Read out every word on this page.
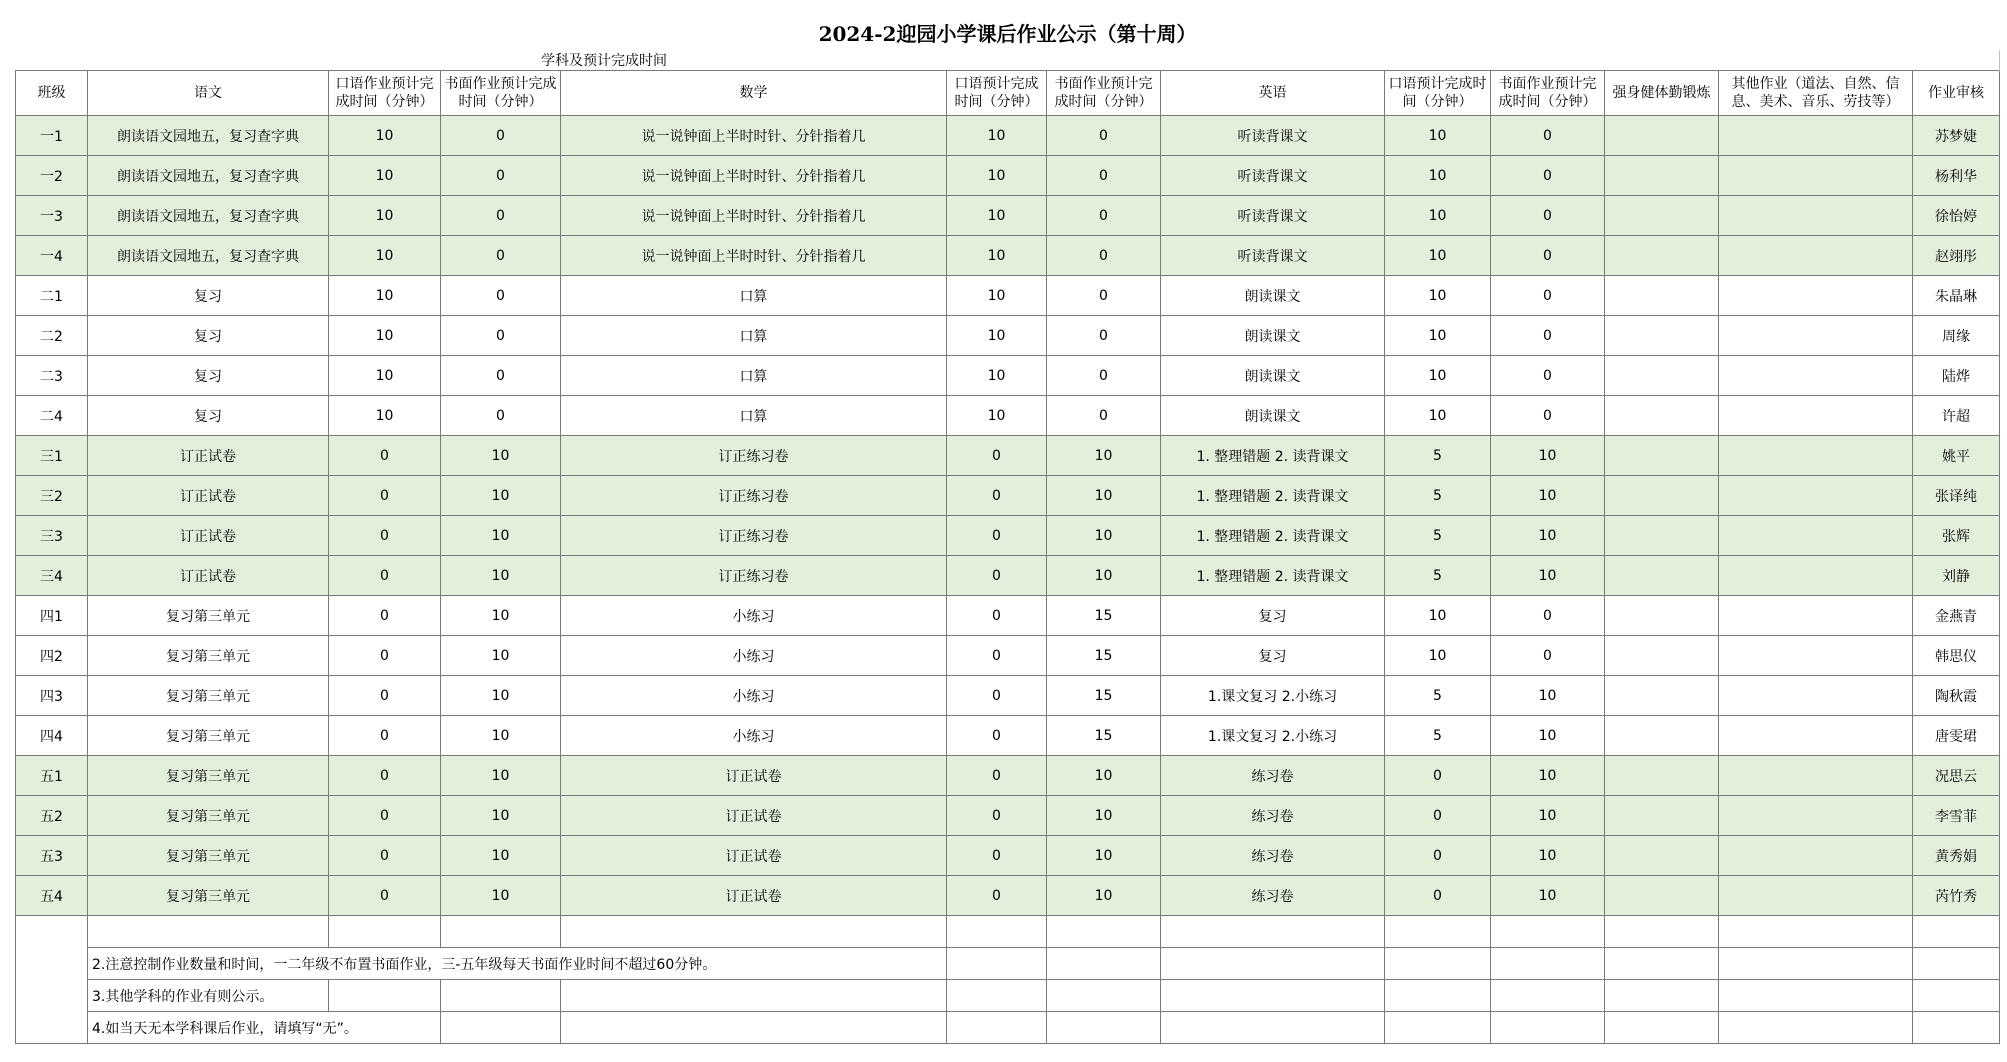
2024-2迎园小学课后作业公示（第十周）												
学科及预计完成时间												
班级	语文	口语作业预计完成时间（分钟）	书面作业预计完成时间（分钟）	数学	口语预计完成时间（分钟）	书面作业预计完成时间（分钟）	英语	口语预计完成时间（分钟）	书面作业预计完成时间（分钟）	强身健体勤锻炼	其他作业（道法、自然、信息、美术、音乐、劳技等）	作业审核
一1	朗读语文园地五，复习查字典	10	0	说一说钟面上半时时针、分针指着几	10	0	听读背课文	10	0			苏梦婕
一2	朗读语文园地五，复习查字典	10	0	说一说钟面上半时时针、分针指着几	10	0	听读背课文	10	0			杨利华
一3	朗读语文园地五，复习查字典	10	0	说一说钟面上半时时针、分针指着几	10	0	听读背课文	10	0			徐怡婷
一4	朗读语文园地五，复习查字典	10	0	说一说钟面上半时时针、分针指着几	10	0	听读背课文	10	0			赵翊彤
二1	复习	10	0	口算	10	0	朗读课文	10	0			朱晶琳
二2	复习	10	0	口算	10	0	朗读课文	10	0			周缘
二3	复习	10	0	口算	10	0	朗读课文	10	0			陆烨
二4	复习	10	0	口算	10	0	朗读课文	10	0			许超
三1	订正试卷	0	10	订正练习卷	0	10	1. 整理错题 2. 读背课文	5	10			姚平
三2	订正试卷	0	10	订正练习卷	0	10	1. 整理错题 2. 读背课文	5	10			张译纯
三3	订正试卷	0	10	订正练习卷	0	10	1. 整理错题 2. 读背课文	5	10			张辉
三4	订正试卷	0	10	订正练习卷	0	10	1. 整理错题 2. 读背课文	5	10			刘静
四1	复习第三单元	0	10	小练习	0	15	复习	10	0			金燕青
四2	复习第三单元	0	10	小练习	0	15	复习	10	0			韩思仪
四3	复习第三单元	0	10	小练习	0	15	1.课文复习 2.小练习	5	10			陶秋霞
四4	复习第三单元	0	10	小练习	0	15	1.课文复习 2.小练习	5	10			唐雯珺
五1	复习第三单元	0	10	订正试卷	0	10	练习卷	0	10			况思云
五2	复习第三单元	0	10	订正试卷	0	10	练习卷	0	10			李雪菲
五3	复习第三单元	0	10	订正试卷	0	10	练习卷	0	10			黄秀娟
五4	复习第三单元	0	10	订正试卷	0	10	练习卷	0	10			芮竹秀

	2.注意控制作业数量和时间，一二年级不布置书面作业，三-五年级每天书面作业时间不超过60分钟。											
	3.其他学科的作业有则公示。											
	4.如当天无本学科课后作业，请填写“无”。											
